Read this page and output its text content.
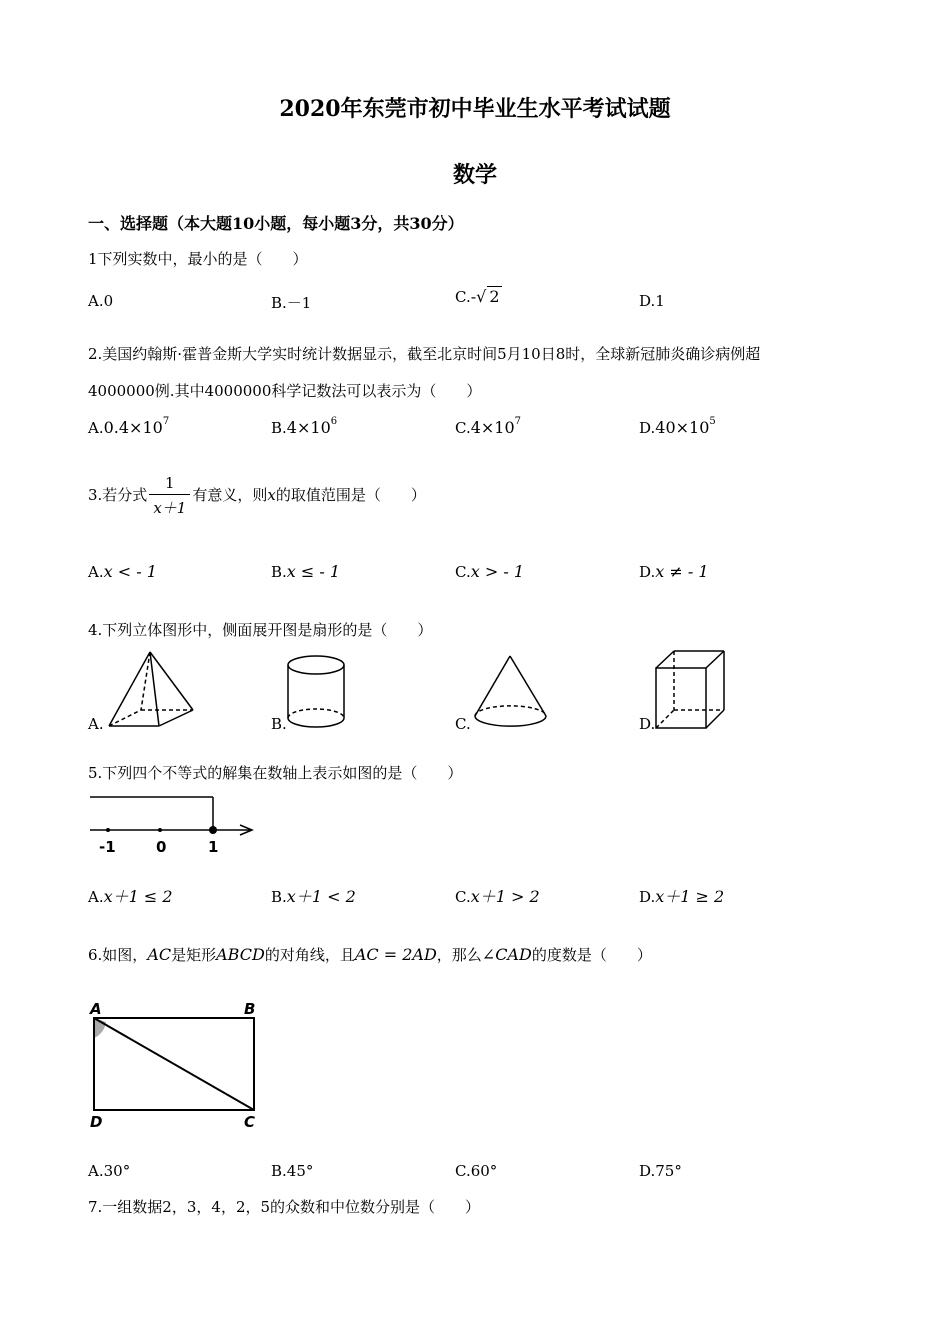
2020年东莞市初中毕业生水平考试试题
数学
一、选择题（本大题10小题，每小题3分，共30分）
1下列实数中，最小的是（　　）
A.0	B.－1	C.-√ 2	D.1
2.美国约翰斯·霍普金斯大学实时统计数据显示，截至北京时间5月10日8时，全球新冠肺炎确诊病例超
4000000例.其中4000000科学记数法可以表示为（　　）
$A.0.4\times 10^7$	$B.4\times 10^6$	$C.4\times 10^7$	$D.40\times 10^5$
3.若分式 $\frac{1}{x+1}$ 有意义，则x的取值范围是（　　）
A.x < - 1	B.x ≤ - 1	C.x > - 1	D.x ≠ - 1
4.下列立体图形中，侧面展开图是扇形的是（　　）
A.	B.	C.	D.
5.下列四个不等式的解集在数轴上表示如图的是（　　）
-1	0	1
A.x＋1 ≤ 2	B.x＋1 < 2	C.x＋1 > 2	D.x＋1 ≥ 2
6.如图，AC是矩形ABCD的对角线，且AC = 2AD，那么∠CAD的度数是（　　）
A	B
D	C
A.30°	B.45°	C.60°	D.75°
7.一组数据2，3，4，2，5的众数和中位数分别是（　　）
